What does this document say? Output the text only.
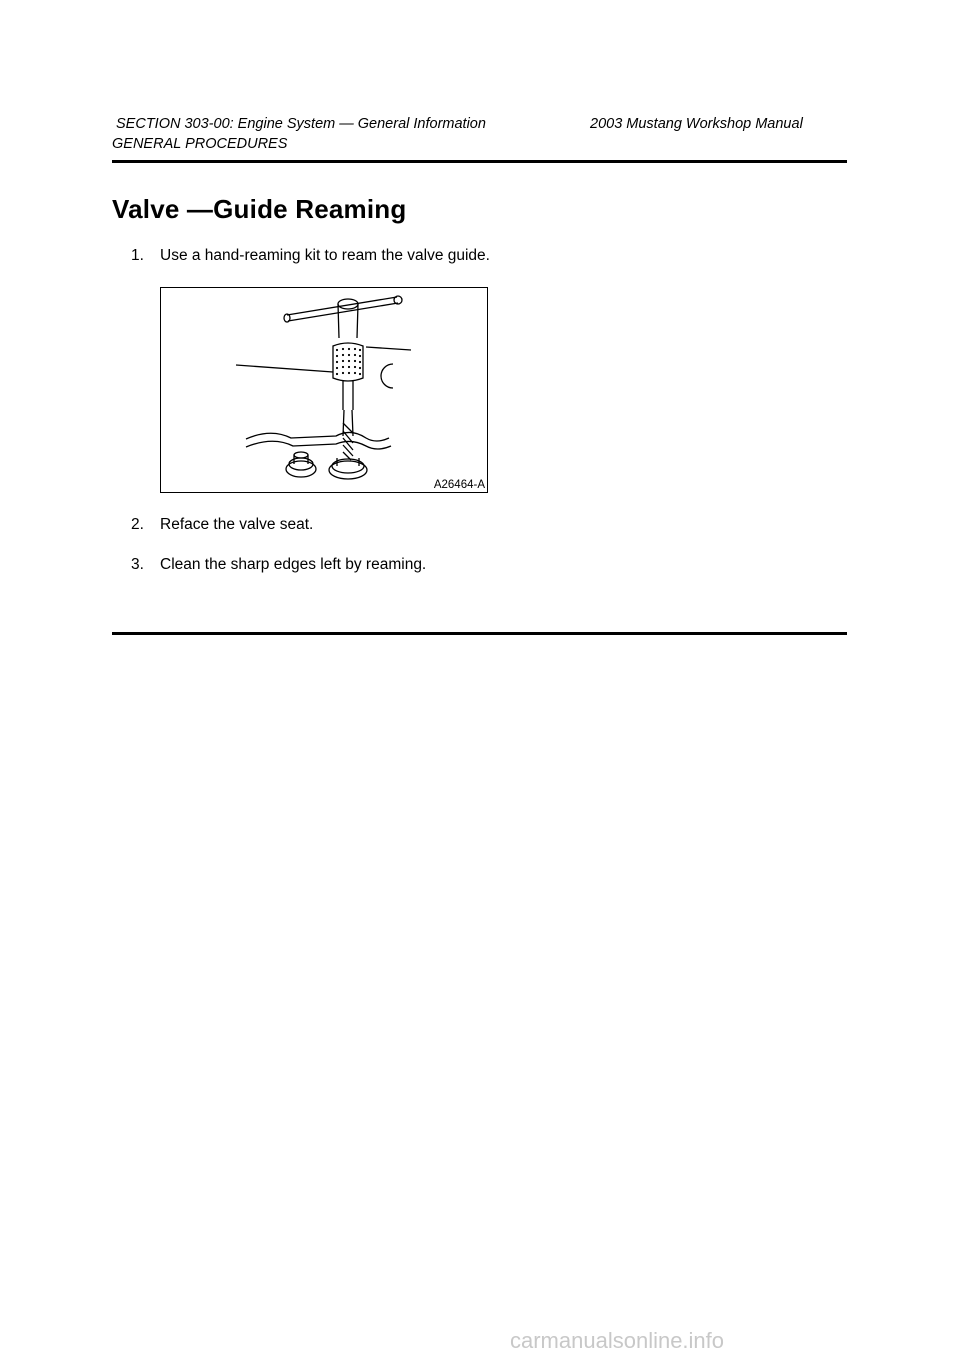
SECTION 303-00: Engine System — General Information	2003 Mustang Workshop Manual
GENERAL PROCEDURES
Valve —Guide Reaming
1. Use a hand-reaming kit to ream the valve guide.
A26464-A
2. Reface the valve seat.
3. Clean the sharp edges left by reaming.
carmanualsonline.info
